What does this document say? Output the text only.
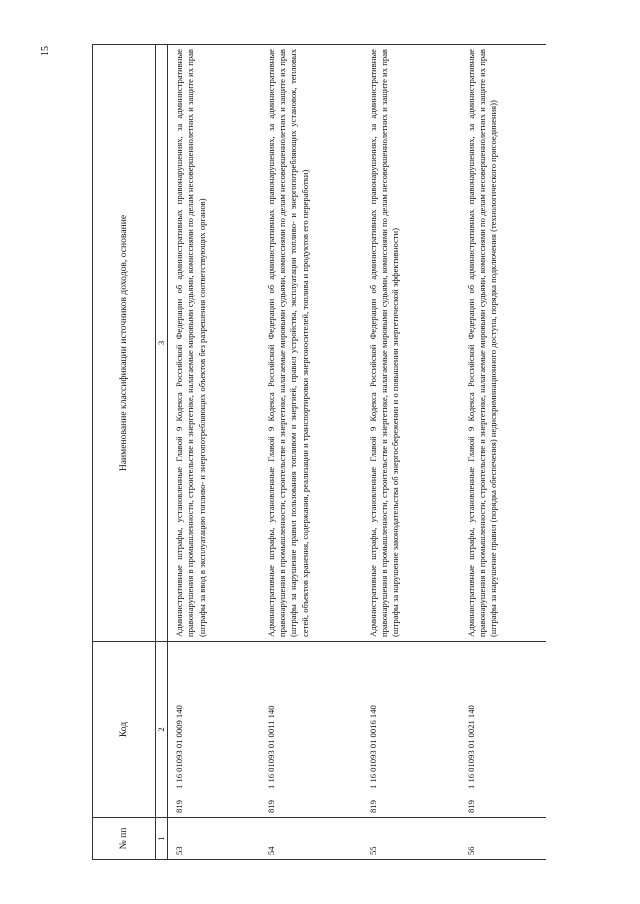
15
№ пп	Код	Наименование классификации источников доходов, основание
1	2	3
53	8191 16 01093 01 0009 140	Административные штрафы, установленные Главой 9 Кодекса Российской Федерации об административных правонарушениях, за административные правонарушения в промышленности, строительстве и энергетике, налагаемые мировыми судьями, комиссиями по делам несовершеннолетних и защите их прав (штрафы за ввод в эксплуатацию топливо- и энергопотребляющих объектов без разрешения соответствующих органов)
54	8191 16 01093 01 0011 140	Административные штрафы, установленные Главой 9 Кодекса Российской Федерации об административных правонарушениях, за административные правонарушения в промышленности, строительстве и энергетике, налагаемые мировыми судьями, комиссиями по делам несовершеннолетних и защите их прав (штрафы за нарушение правил пользования топливом и энергией, правил устройства, эксплуатации топливо- и энергопотребляющих установок, тепловых сетей, объектов хранения, содержания, реализации и транспортировки энергоносителей, топлива и продуктов его переработки)
55	8191 16 01093 01 0016 140	Административные штрафы, установленные Главой 9 Кодекса Российской Федерации об административных правонарушениях, за административные правонарушения в промышленности, строительстве и энергетике, налагаемые мировыми судьями, комиссиями по делам несовершеннолетних и защите их прав (штрафы за нарушение законодательства об энергосбережении и о повышении энергетической эффективности)
56	8191 16 01093 01 0021 140	Административные штрафы, установленные Главой 9 Кодекса Российской Федерации об административных правонарушениях, за административные правонарушения в промышленности, строительстве и энергетике, налагаемые мировыми судьями, комиссиями по делам несовершеннолетних и защите их прав (штрафы за нарушение правил (порядка обеспечения) недискриминационного доступа, порядка подключения (технологического присоединения))
